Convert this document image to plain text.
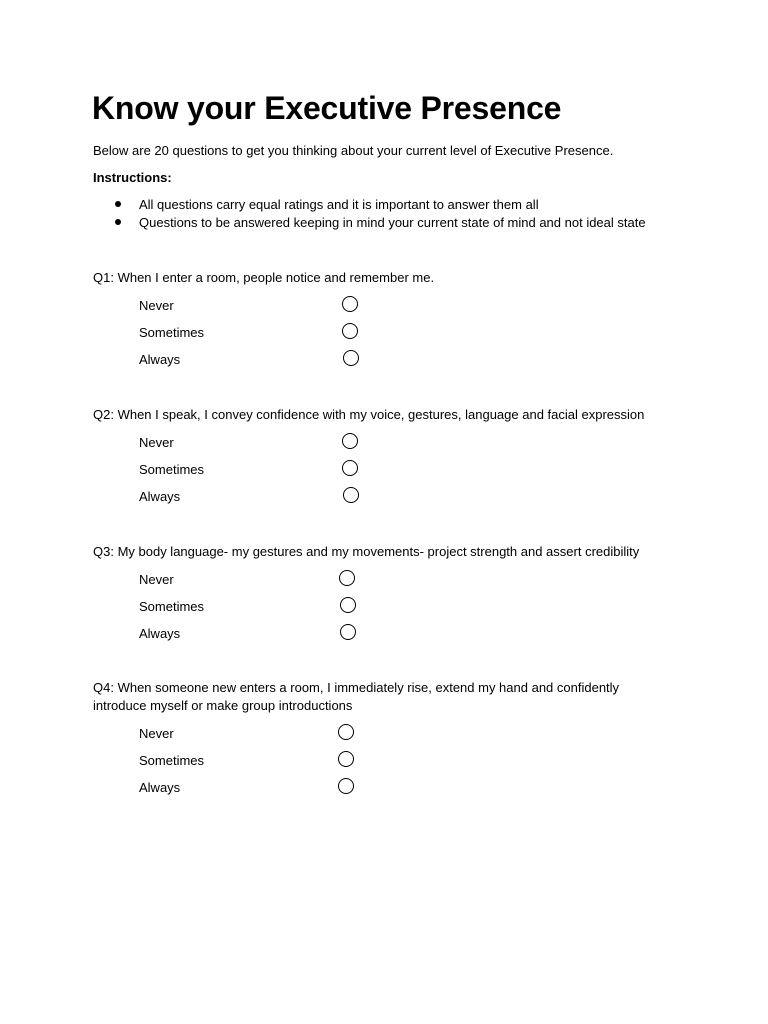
Know your Executive Presence

Below are 20 questions to get you thinking about your current level of Executive Presence.

Instructions:

All questions carry equal ratings and it is important to answer them all
Questions to be answered keeping in mind your current state of mind and not ideal state

Q1: When I enter a room, people notice and remember me.

Never
Sometimes
Always

Q2: When I speak, I convey confidence with my voice, gestures, language and facial expression

Never
Sometimes
Always

Q3: My body language- my gestures and my movements- project strength and assert credibility

Never
Sometimes
Always

Q4: When someone new enters a room, I immediately rise, extend my hand and confidently introduce myself or make group introductions

Never
Sometimes
Always
